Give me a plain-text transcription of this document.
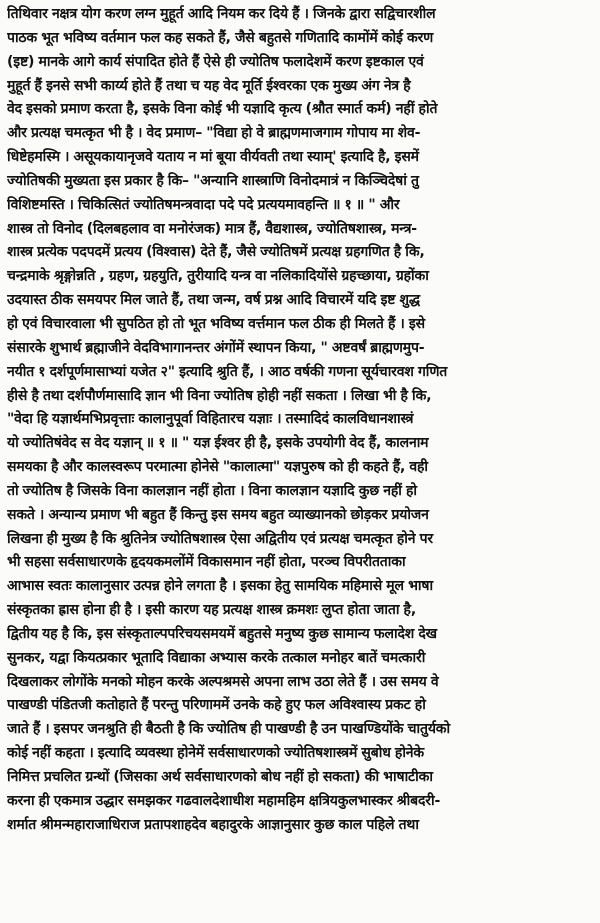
तिथिवार नक्षत्र योग करण लग्न मुहूर्त आदि नियम कर दिये हैं । जिनके द्वारा सद्विचारशील
पाठक भूत भविष्य वर्तमान फल कह सकते हैं, जैसे बहुतसे गणितादि कामोंमें कोई करण
(इष्ट) मानके आगे कार्य संपादित होते हैं ऐसे ही ज्योतिष फलादेशमें करण इष्टकाल एवं
मुहूर्त हैं इनसे सभी कार्य्य होते हैं तथा च यह वेद मूर्ति ईश्वरका एक मुख्य अंग नेत्र है
वेद इसको प्रमाण करता है, इसके विना कोई भी यज्ञादि कृत्य (श्रौत स्मार्त कर्म) नहीं होते
और प्रत्यक्ष चमत्कृत भी है । वेद प्रमाण– "विद्या हो वे ब्राह्मणमाजगाम गोपाय मा शेव-
धिष्टेहमस्मि । असूयकायानृजवे यताय न मां बूया वीर्यवती तथा स्याम्' इत्यादि है, इसमें
ज्योतिषकी मुख्यता इस प्रकार है कि– "अन्यानि शास्त्राणि विनोदमात्रं न किञ्चिदेषां तु
विशिष्टमस्ति । चिकित्सितं ज्योतिषमन्त्रवादा पदे पदे प्रत्ययमावहन्ति ॥ १ ॥ " और
शास्त्र तो विनोद (दिलबहलाव वा मनोरंजक) मात्र हैं, वैद्यशास्त्र, ज्योतिषशास्त्र, मन्त्र-
शास्त्र प्रत्येक पदपदमें प्रत्यय (विश्वास) देते हैं, जैसे ज्योतिषमें प्रत्यक्ष ग्रहगणित है कि,
चन्द्रमाके श्रृङ्गोन्नति , ग्रहण, ग्रहयुति, तुरीयादि यन्त्र वा नलिकादियोंसे ग्रहच्छाया, ग्रहोंका
उदयास्त ठीक समयपर मिल जाते हैं, तथा जन्म, वर्ष प्रश्न आदि विचारमें यदि इष्ट शुद्ध
हो एवं विचारवाला भी सुपठित हो तो भूत भविष्य वर्त्तमान फल ठीक ही मिलते हैं । इसे
संसारके शुभार्थ ब्रह्माजीने वेदविभागानन्तर अंगोंमें स्थापन किया, " अष्टवर्षं ब्राह्मणमुप-
नयीत १ दर्शपूर्णमासाभ्यां यजेत २" इत्यादि श्रुति हैं, । आठ वर्षकी गणना सूर्यचारवश गणित
हीसे है तथा दर्शपौर्णमासादि ज्ञान भी विना ज्योतिष होही नहीं सकता । लिखा भी है कि,
"वेदा हि यज्ञार्थमभिप्रवृत्ताः कालानुपूर्वा विहितारच यज्ञाः । तस्मादिदं कालविधानशास्त्रं
यो ज्योतिषंवेद स वेद यज्ञान् ॥ १ ॥ " यज्ञ ईश्वर ही है, इसके उपयोगी वेद हैं, कालनाम
समयका है और कालस्वरूप परमात्मा होनेसे "कालात्मा" यज्ञपुरुष को ही कहते हैं, वही
तो ज्योतिष है जिसके विना कालज्ञान नहीं होता । विना कालज्ञान यज्ञादि कुछ नहीं हो
सकते । अन्यान्य प्रमाण भी बहुत हैं किन्तु इस समय बहुत व्याख्यानको छोड़कर प्रयोजन
लिखना ही मुख्य है कि श्रुतिनेत्र ज्योतिषशास्त्र ऐसा अद्वितीय एवं प्रत्यक्ष चमत्कृत होने पर
भी सहसा सर्वसाधारणके हृदयकमलोंमें विकासमान नहीं होता, परञ्च विपरीतताका
आभास स्वतः कालानुसार उत्पन्न होने लगता है । इसका हेतु सामयिक महिमासे मूल भाषा
संस्कृतका ह्रास होना ही है । इसी कारण यह प्रत्यक्ष शास्त्र क्रमशः लुप्त होता जाता है,
द्वितीय यह है कि, इस संस्कृताल्पपरिचयसमयमें बहुतसे मनुष्य कुछ सामान्य फलादेश देख
सुनकर, यद्वा कियत्प्रकार भूतादि विद्याका अभ्यास करके तत्काल मनोहर बातें चमत्कारी
दिखलाकर लोगोंके मनको मोहन करके अल्पश्रमसे अपना लाभ उठा लेते हैं । उस समय वे
पाखण्डी पंडितजी कतोहाते हैं परन्तु परिणाममें उनके कहे हुए फल अविश्वास्य प्रकट हो
जाते हैं । इसपर जनश्रुति ही बैठती है कि ज्योतिष ही पाखण्डी है उन पाखण्डियोंके चातुर्यको
कोई नहीं कहता । इत्यादि व्यवस्था होनेमें सर्वसाधारणको ज्योतिषशास्त्रमें सुबोध होनेके
निमित्त प्रचलित ग्रन्थों (जिसका अर्थ सर्वसाधारणको बोध नहीं हो सकता) की भाषाटीका
करना ही एकमात्र उद्धार समझकर गढवालदेशाधीश महामहिम क्षत्रियकुलभास्कर श्रीबदरी-
शर्मात श्रीमन्महाराजाधिराज प्रतापशाहदेव बहादुरके आज्ञानुसार कुछ काल पहिले तथा
